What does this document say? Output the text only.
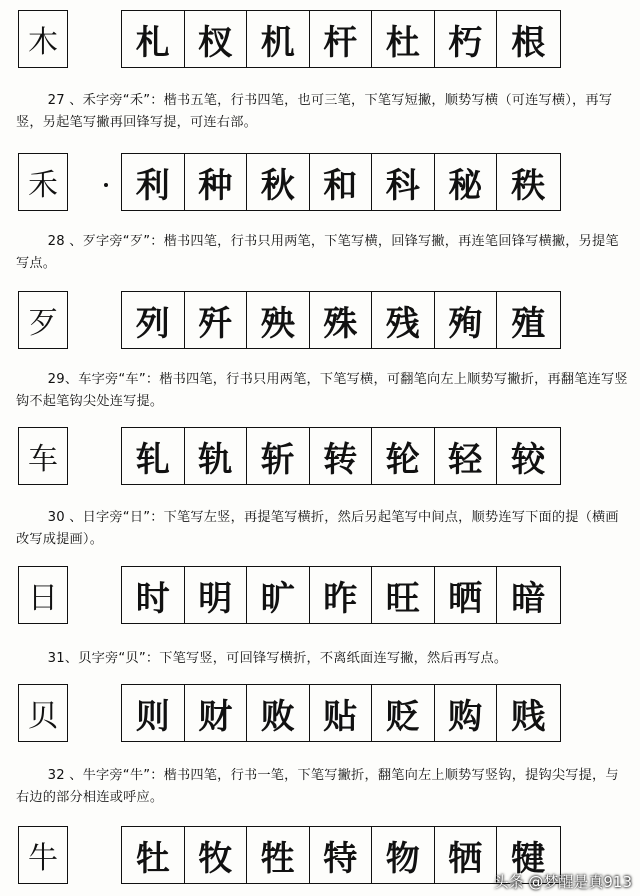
木	札 杈 机 杆 杜 朽 根
27 、禾字旁“禾”：楷书五笔，行书四笔，也可三笔，下笔写短撇，顺势写横（可连写横），再写竖，另起笔写撇再回锋写提，可连右部。
禾	利 种 秋 和 科 秘 秩
28 、歹字旁“歹”：楷书四笔，行书只用两笔，下笔写横，回锋写撇，再连笔回锋写横撇，另提笔写点。
歹	列 歼 殃 殊 残 殉 殖
29、车字旁“车”：楷书四笔，行书只用两笔，下笔写横，可翻笔向左上顺势写撇折，再翻笔连写竖钩不起笔钩尖处连写提。
车	轧 轨 斩 转 轮 轻 较
30 、日字旁“日”：下笔写左竖，再提笔写横折，然后另起笔写中间点，顺势连写下面的提（横画改写成提画）。
日	时 明 旷 昨 旺 晒 暗
31、贝字旁“贝”：下笔写竖，可回锋写横折，不离纸面连写撇，然后再写点。
贝	则 财 败 贴 贬 购 贱
32 、牛字旁“牛”：楷书四笔，行书一笔，下笔写撇折，翻笔向左上顺势写竖钩，提钩尖写提，与右边的部分相连或呼应。
牛	牡 牧 牲 特 物 牺 犍
头条 @梦醒是真913
